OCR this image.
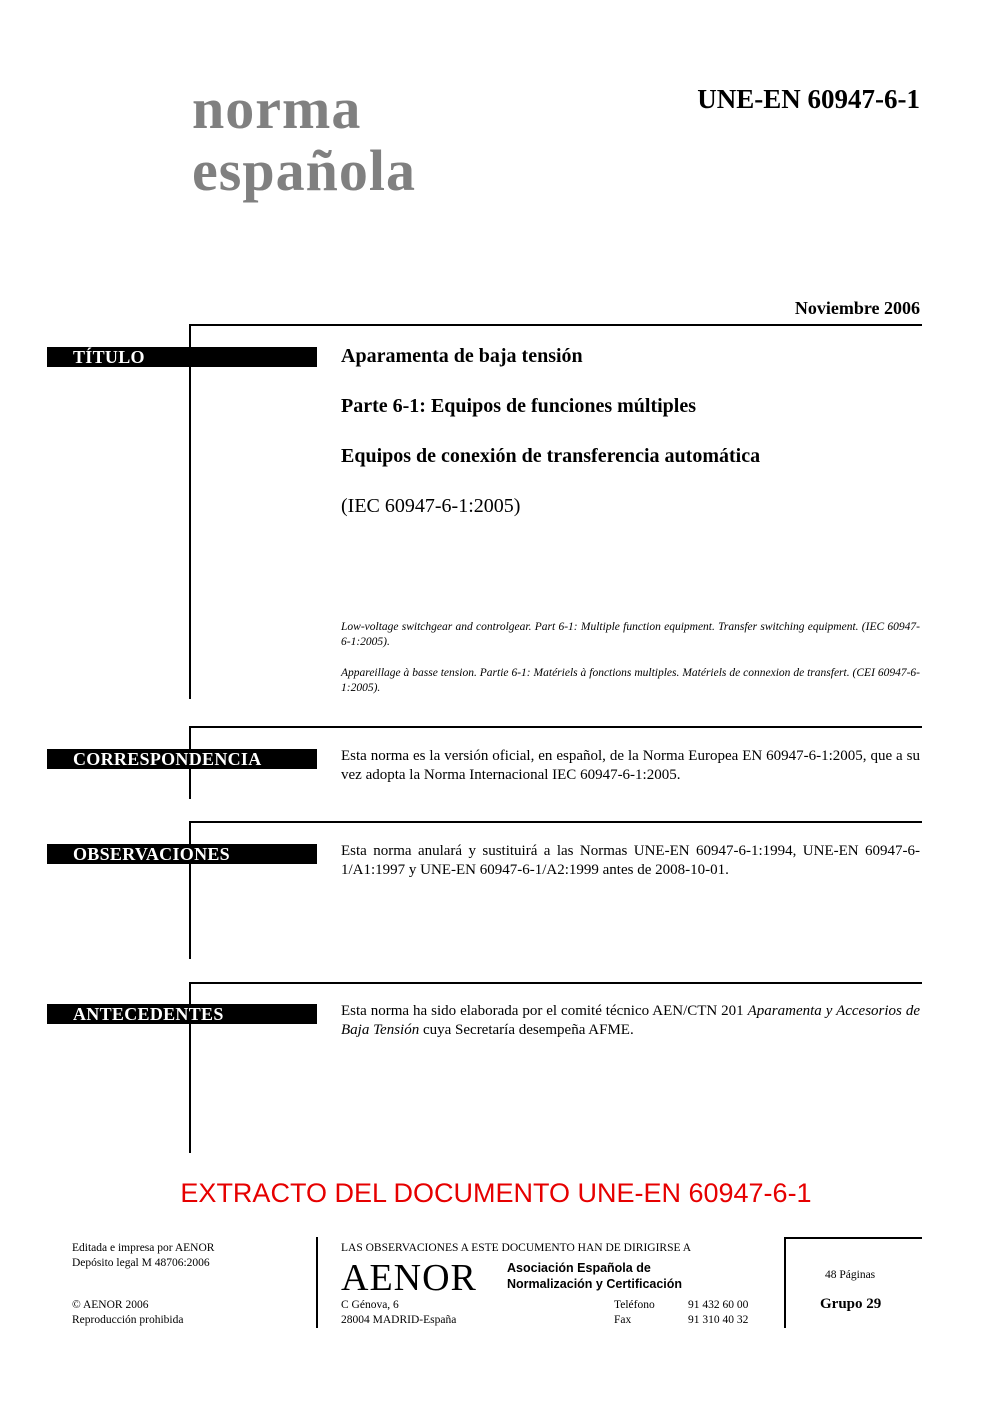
norma
española
UNE-EN 60947-6-1
Noviembre 2006
TÍTULO	Aparamenta de baja tensión
Parte 6-1: Equipos de funciones múltiples
Equipos de conexión de transferencia automática
(IEC 60947-6-1:2005)
Low-voltage switchgear and controlgear. Part 6-1: Multiple function equipment. Transfer switching equipment. (IEC 60947-6-1:2005).
Appareillage à basse tension. Partie 6-1: Matériels à fonctions multiples. Matériels de connexion de transfert. (CEI 60947-6-1:2005).
CORRESPONDENCIA	Esta norma es la versión oficial, en español, de la Norma Europea EN 60947-6-1:2005, que a su vez adopta la Norma Internacional IEC 60947-6-1:2005.
OBSERVACIONES	Esta norma anulará y sustituirá a las Normas UNE-EN 60947-6-1:1994, UNE-EN 60947-6-1/A1:1997 y UNE-EN 60947-6-1/A2:1999 antes de 2008-10-01.
ANTECEDENTES	Esta norma ha sido elaborada por el comité técnico AEN/CTN 201 Aparamenta y Accesorios de Baja Tensión cuya Secretaría desempeña AFME.
EXTRACTO DEL DOCUMENTO UNE-EN 60947-6-1
Editada e impresa por AENOR
Depósito legal M 48706:2006
© AENOR 2006
Reproducción prohibida
LAS OBSERVACIONES A ESTE DOCUMENTO HAN DE DIRIGIRSE A
AENOR Asociación Española de
Normalización y Certificación
C Génova, 6
28004 MADRID-España
Teléfono	91 432 60 00
Fax	91 310 40 32
48 Páginas
Grupo 29
